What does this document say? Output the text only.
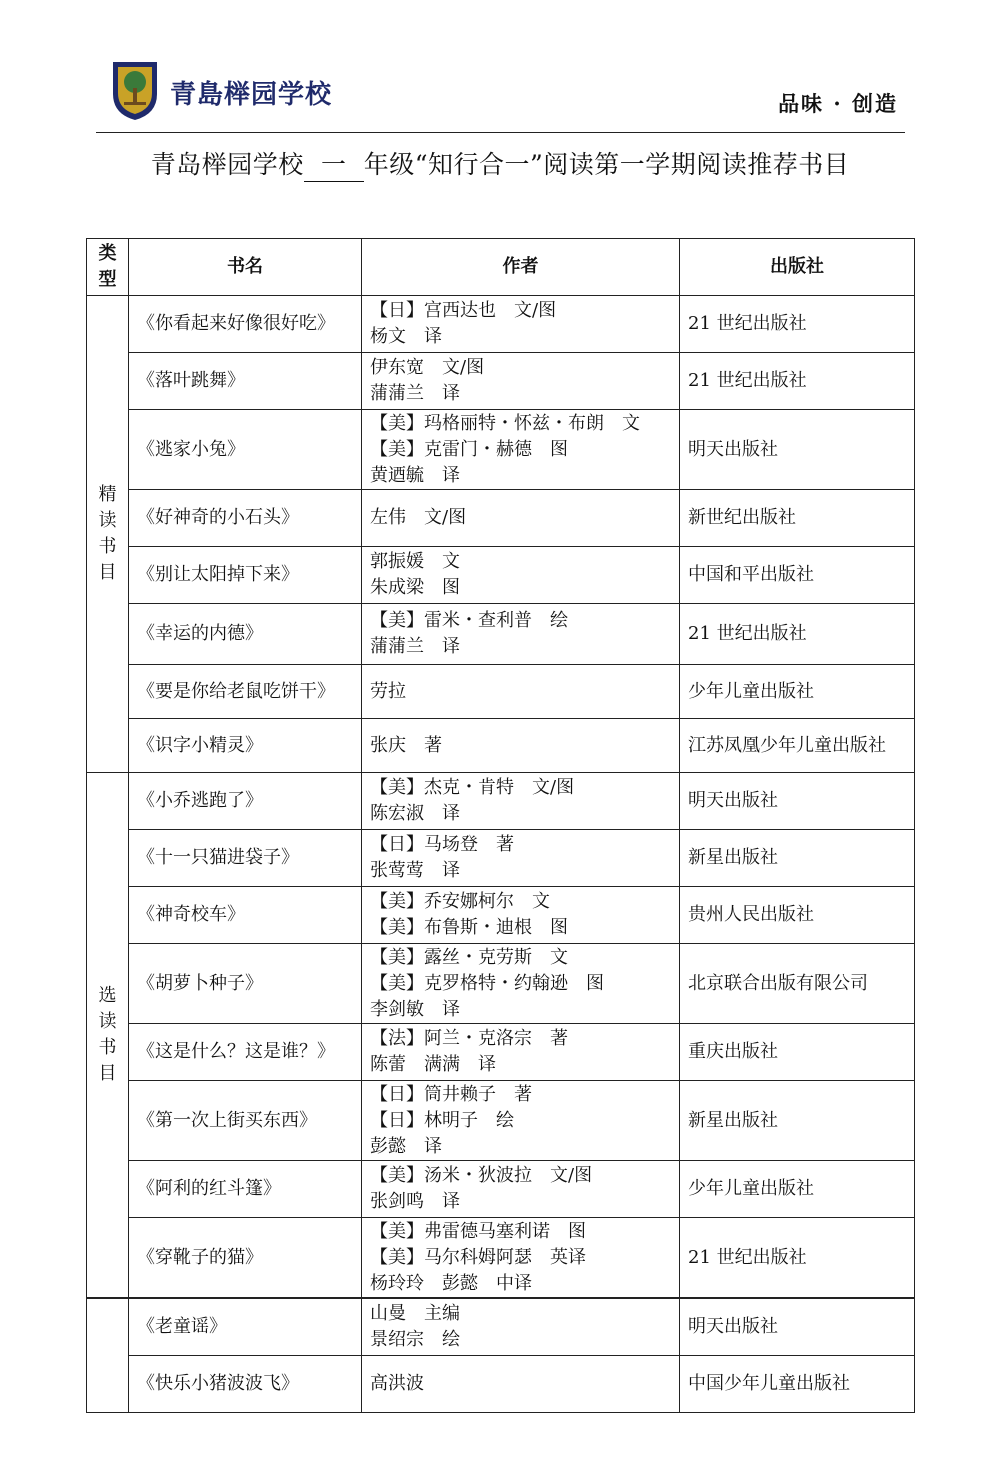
青島榉园学校	品味 · 创造
青岛榉园学校 一 年级“知行合一”阅读第一学期阅读推荐书目
类型	书名	作者	出版社
精读书目	《你看起来好像很好吃》	【日】宫西达也　文/图
杨文　译	21 世纪出版社
	《落叶跳舞》	伊东宽　文/图
蒲蒲兰　译	21 世纪出版社
	《逃家小兔》	【美】玛格丽特・怀兹・布朗　文
【美】克雷门・赫德　图
黄迺毓　译	明天出版社
	《好神奇的小石头》	左伟　文/图	新世纪出版社
	《别让太阳掉下来》	郭振媛　文
朱成梁　图	中国和平出版社
	《幸运的内德》	【美】雷米・查利普　绘
蒲蒲兰　译	21 世纪出版社
	《要是你给老鼠吃饼干》	劳拉	少年儿童出版社
	《识字小精灵》	张庆　著	江苏凤凰少年儿童出版社
选读书目	《小乔逃跑了》	【美】杰克・肯特　文/图
陈宏淑　译	明天出版社
	《十一只猫进袋子》	【日】马场登　著
张莺莺　译	新星出版社
	《神奇校车》	【美】乔安娜柯尔　文
【美】布鲁斯・迪根　图	贵州人民出版社
	《胡萝卜种子》	【美】露丝・克劳斯　文
【美】克罗格特・约翰逊　图
李剑敏　译	北京联合出版有限公司
	《这是什么？这是谁？》	【法】阿兰・克洛宗　著
陈蕾　满满　译	重庆出版社
	《第一次上街买东西》	【日】筒井赖子　著
【日】林明子　绘
彭懿　译	新星出版社
	《阿利的红斗篷》	【美】汤米・狄波拉　文/图
张剑鸣　译	少年儿童出版社
	《穿靴子的猫》	【美】弗雷德马塞利诺　图
【美】马尔科姆阿瑟　英译
杨玲玲　彭懿　中译	21 世纪出版社
	《老童谣》	山曼　主编
景绍宗　绘	明天出版社
	《快乐小猪波波飞》	高洪波	中国少年儿童出版社
